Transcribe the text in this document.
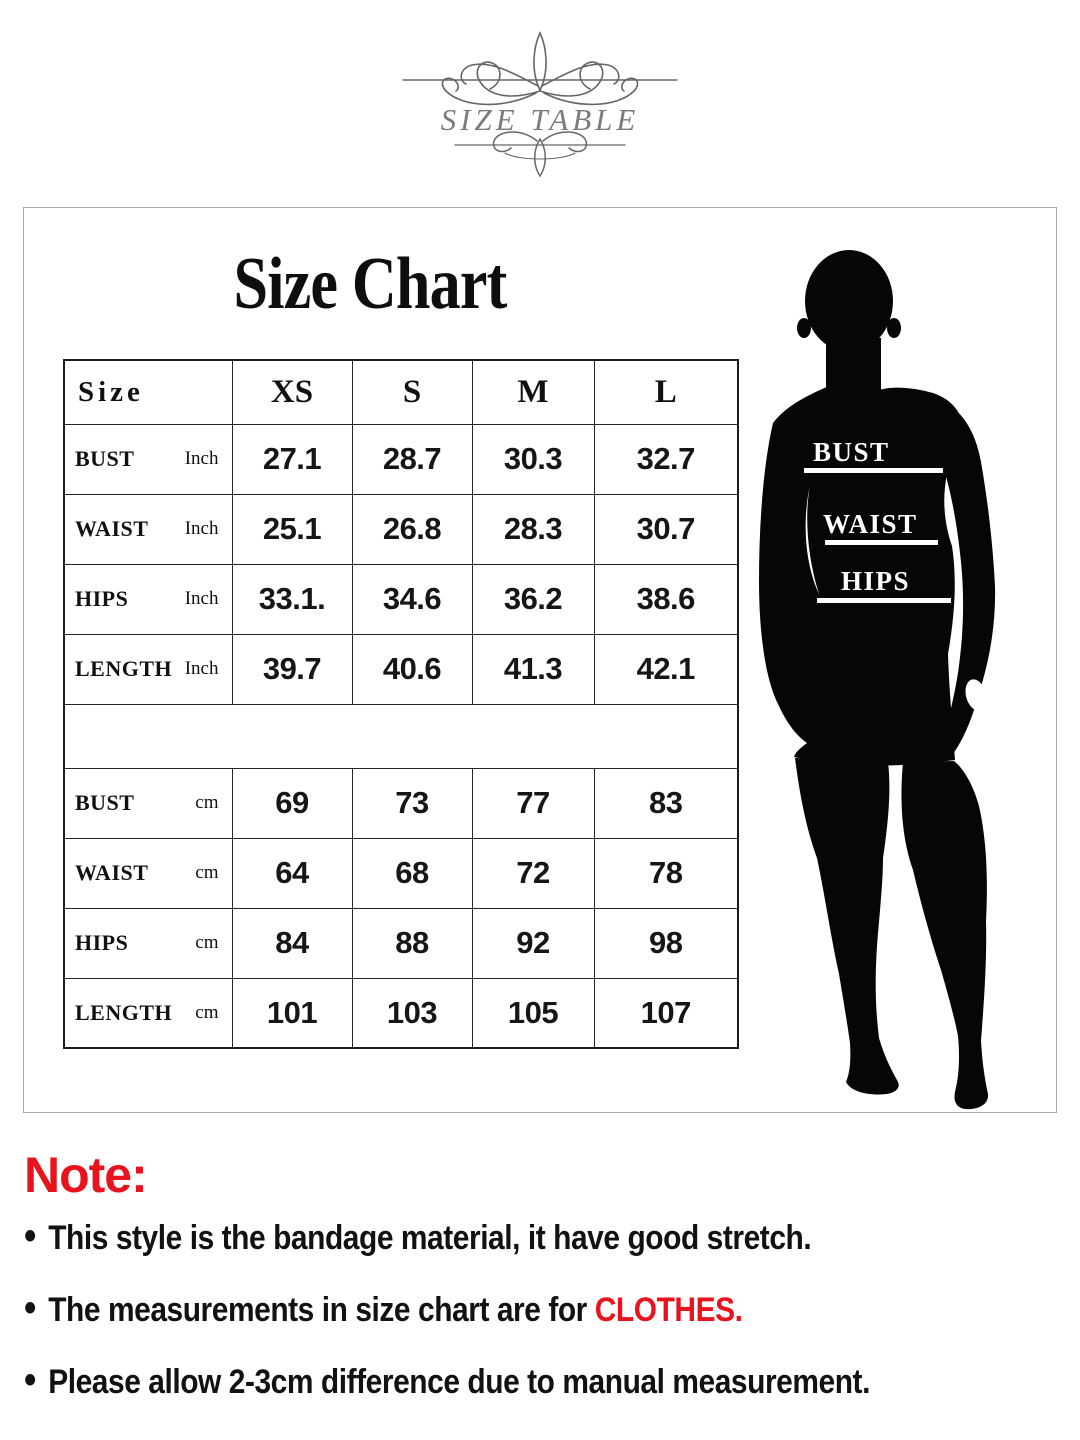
SIZE TABLE
Size Chart
Size	XS	S	M	L

BUST Inch	27.1	28.7	30.3	32.7

WAIST Inch	25.1	26.8	28.3	30.7

HIPS Inch	33.1.	34.6	36.2	38.6

LENGTH Inch	39.7	40.6	41.3	42.1

BUST cm	69	73	77	83

WAIST cm	64	68	72	78

HIPS cm	84	88	92	98

LENGTH cm	101	103	105	107
BUST
WAIST
HIPS

Note:

• This style is the bandage material, it have good stretch.

• The measurements in size chart are for CLOTHES.

• Please allow 2-3cm difference due to manual measurement.
